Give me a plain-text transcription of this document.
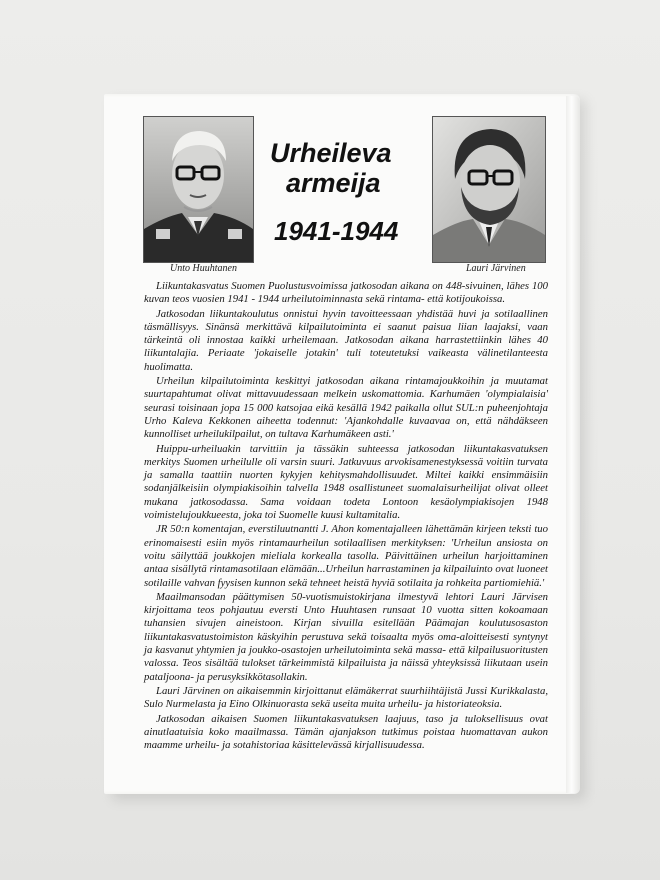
Unto Huuhtanen	Lauri Järvinen
Urheileva
armeija
1941-1944

Liikuntakasvatus Suomen Puolustusvoimissa jatkosodan aikana on 448-sivuinen, lähes 100 kuvan teos vuosien 1941 - 1944 urheilutoiminnasta sekä rintama- että kotijoukoissa.

Jatkosodan liikuntakoulutus onnistui hyvin tavoitteessaan yhdistää huvi ja sotilaallinen täsmällisyys. Sinänsä merkittävä kilpailutoiminta ei saanut paisua liian laajaksi, vaan tärkeintä oli innostaa kaikki urheilemaan. Jatkosodan aikana harrastettiinkin lähes 40 liikuntalajia. Periaate 'jokaiselle jotakin' tuli toteutetuksi vaikeasta välinetilanteesta huolimatta.

Urheilun kilpailutoiminta keskittyi jatkosodan aikana rintamajoukkoihin ja muutamat suurtapahtumat olivat mittavuudessaan melkein uskomattomia. Karhumäen 'olympialaisia' seurasi toisinaan jopa 15 000 katsojaa eikä kesällä 1942 paikalla ollut SUL:n puheenjohtaja Urho Kaleva Kekkonen aiheetta todennut: 'Ajankohdalle kuvaavaa on, että nähdäkseen kunnolliset urheilukilpailut, on tultava Karhumäkeen asti.'

Huippu-urheiluakin tarvittiin ja tässäkin suhteessa jatkosodan liikuntakasvatuksen merkitys Suomen urheilulle oli varsin suuri. Jatkuvuus arvokisamenestyksessä voitiin turvata ja samalla taattiin nuorten kykyjen kehitysmahdollisuudet. Miltei kaikki ensimmäisiin sodanjälkeisiin olympiakisoihin talvella 1948 osallistuneet suomalaisurheilijat olivat olleet mukana jatkosodassa. Sama voidaan todeta Lontoon kesäolympiakisojen 1948 voimistelujoukkueesta, joka toi Suomelle kuusi kultamitalia.

JR 50:n komentajan, everstiluutnantti J. Ahon komentajalleen lähettämän kirjeen teksti tuo erinomaisesti esiin myös rintamaurheilun sotilaallisen merkityksen: 'Urheilun ansiosta on voitu säilyttää joukkojen mieliala korkealla tasolla. Päivittäinen urheilun harjoittaminen antaa sisällytä rintamasotilaan elämään...Urheilun harrastaminen ja kilpailuinto ovat luoneet sotilaille vahvan fyysisen kunnon sekä tehneet heistä hyviä sotilaita ja rohkeita partiomiehiä.'

Maailmansodan päättymisen 50-vuotismuistokirjana ilmestyvä lehtori Lauri Järvisen kirjoittama teos pohjautuu eversti Unto Huuhtasen runsaat 10 vuotta sitten kokoamaan tuhansien sivujen aineistoon. Kirjan sivuilla esitellään Päämajan koulutusosaston liikuntakasvatustoimiston käskyihin perustuva sekä toisaalta myös oma-aloitteisesti syntynyt ja kasvanut yhtymien ja joukko-osastojen urheilutoiminta sekä massa- että kilpailusuoritusten valossa. Teos sisältää tulokset tärkeimmistä kilpailuista ja näissä yhteyksissä liikutaan usein pataljoona- ja perusyksikkötasollakin.

Lauri Järvinen on aikaisemmin kirjoittanut elämäkerrat suurhiihtäjistä Jussi Kurikkalasta, Sulo Nurmelasta ja Eino Olkinuorasta sekä useita muita urheilu- ja historiateoksia.

Jatkosodan aikaisen Suomen liikuntakasvatuksen laajuus, taso ja tuloksellisuus ovat ainutlaatuisia koko maailmassa. Tämän ajanjakson tutkimus poistaa huomattavan aukon maamme urheilu- ja sotahistoriaa käsittelevässä kirjallisuudessa.
